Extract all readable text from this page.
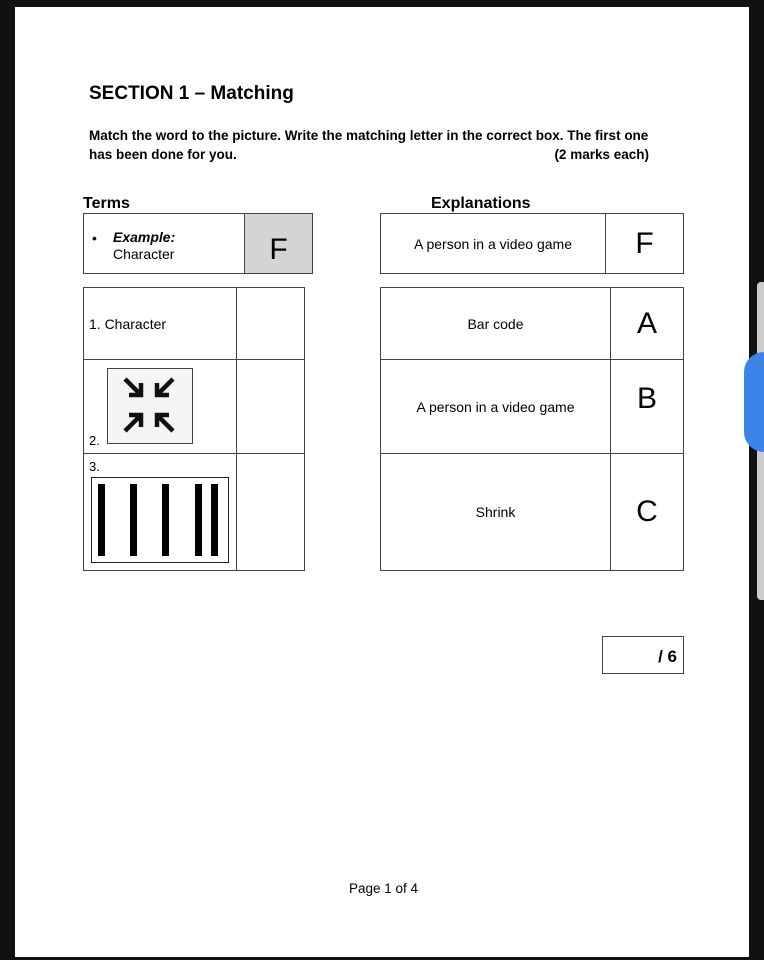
SECTION 1 – Matching
Match the word to the picture. Write the matching letter in the correct box. The first one
has been done for you.	(2 marks each)
Terms	Explanations
• Example:
Character	F	A person in a video game	F
1. Character	

2.	

3.	

Bar code	A
A person in a video game	B
Shrink	C
/ 6
Page 1 of 4
